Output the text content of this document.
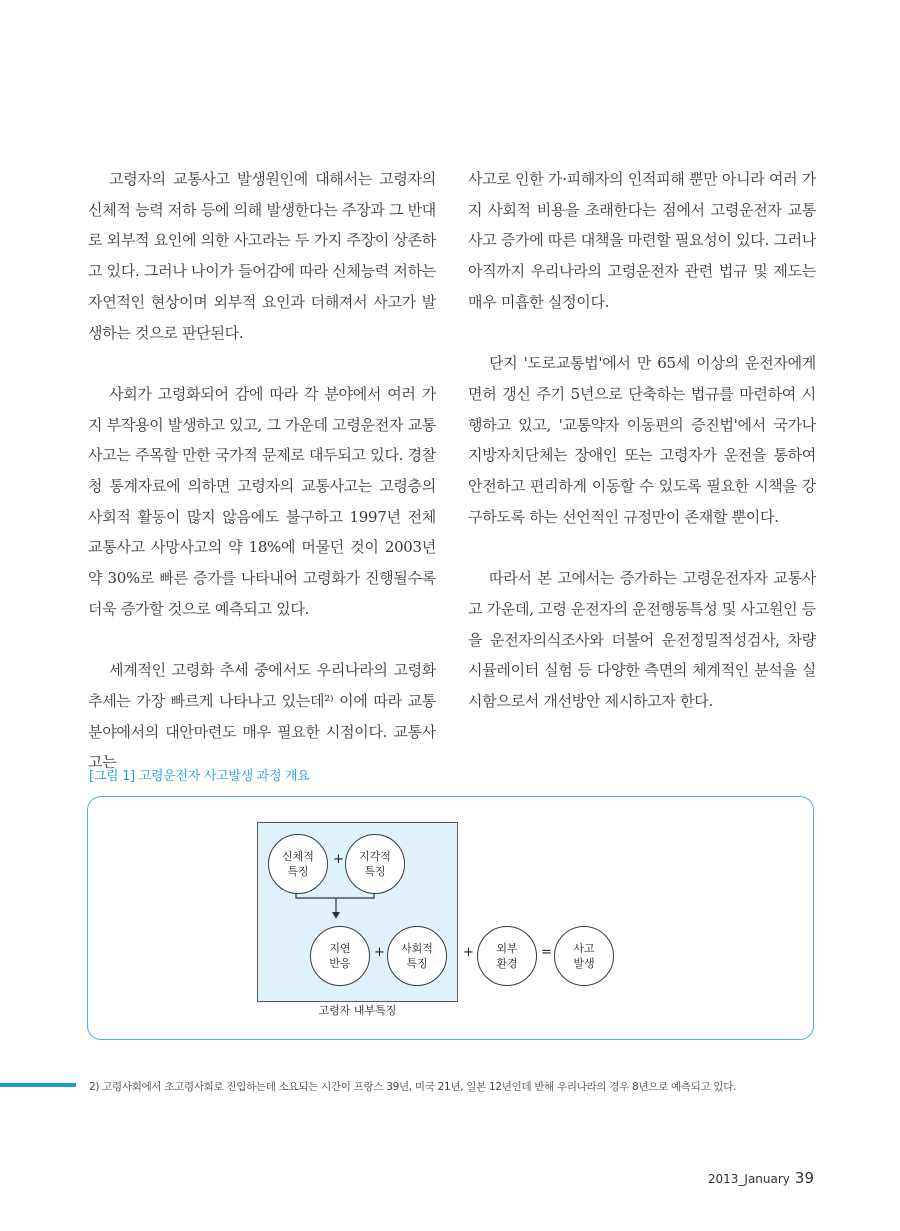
고령자의 교통사고 발생원인에 대해서는 고령자의 신체적 능력 저하 등에 의해 발생한다는 주장과 그 반대로 외부적 요인에 의한 사고라는 두 가지 주장이 상존하고 있다. 그러나 나이가 들어감에 따라 신체능력 저하는 자연적인 현상이며 외부적 요인과 더해져서 사고가 발생하는 것으로 판단된다.

사회가 고령화되어 감에 따라 각 분야에서 여러 가지 부작용이 발생하고 있고, 그 가운데 고령운전자 교통사고는 주목할 만한 국가적 문제로 대두되고 있다. 경찰청 통계자료에 의하면 고령자의 교통사고는 고령층의 사회적 활동이 많지 않음에도 불구하고 1997년 전체 교통사고 사망사고의 약 18%에 머물던 것이 2003년 약 30%로 빠른 증가를 나타내어 고령화가 진행될수록 더욱 증가할 것으로 예측되고 있다.

세계적인 고령화 추세 중에서도 우리나라의 고령화 추세는 가장 빠르게 나타나고 있는데²⁾ 이에 따라 교통 분야에서의 대안마련도 매우 필요한 시점이다. 교통사고는

사고로 인한 가·피해자의 인적피해 뿐만 아니라 여러 가지 사회적 비용을 초래한다는 점에서 고령운전자 교통사고 증가에 따른 대책을 마련할 필요성이 있다. 그러나 아직까지 우리나라의 고령운전자 관련 법규 및 제도는 매우 미흡한 실정이다.

단지 '도로교통법'에서 만 65세 이상의 운전자에게 면허 갱신 주기 5년으로 단축하는 법규를 마련하여 시행하고 있고, '교통약자 이동편의 증진법'에서 국가나 지방자치단체는 장애인 또는 고령자가 운전을 통하여 안전하고 편리하게 이동할 수 있도록 필요한 시책을 강구하도록 하는 선언적인 규정만이 존재할 뿐이다.

따라서 본 고에서는 증가하는 고령운전자자 교통사고 가운데, 고령 운전자의 운전행동특성 및 사고원인 등을 운전자의식조사와 더불어 운전정밀적성검사, 차량 시뮬레이터 실험 등 다양한 측면의 체계적인 분석을 실시함으로서 개선방안 제시하고자 한다.

[그림 1] 고령운전자 사고발생 과정 개요
신체적
특징
+	지각적
특징
지연
반응
+	사회적
특징
+	외부
환경
=	사고
발생
고령자 내부특징
2) 고령사회에서 초고령사회로 진입하는데 소요되는 시간이 프랑스 39년, 미국 21년, 일본 12년인데 반해 우리나라의 경우 8년으로 예측되고 있다.
2013_January 39
